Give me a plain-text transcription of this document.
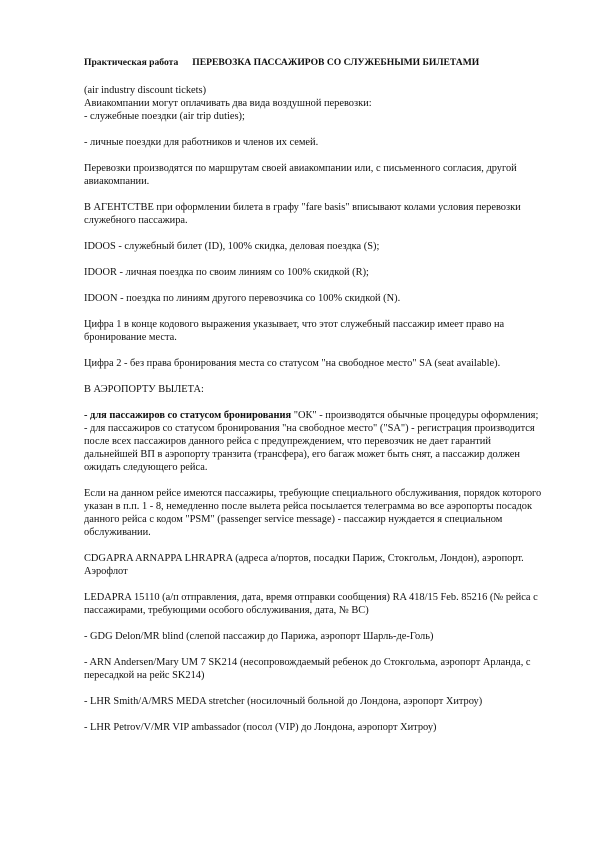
Практическая работа ПЕРЕВОЗКА ПАССАЖИРОВ СО СЛУЖЕБНЫМИ БИЛЕТАМИ

(air industry discount tickets)
Авиакомпании могут оплачивать два вида воздушной перевозки:
- служебные поездки (air trip duties);

- личные поездки для работников и членов их семей.

Перевозки производятся по маршрутам своей авиакомпании или, с письменного согласия, другой авиакомпании.

В АГЕНТСТВЕ при оформлении билета в графу "fare basis" вписывают колами условия перевозки служебного пассажира.

IDOOS - служебный билет (ID), 100% скидка, деловая поездка (S);

IDOOR - личная поездка по своим линиям со 100% скидкой (R);

IDOON - поездка по линиям другого перевозчика со 100% скидкой (N).

Цифра 1 в конце кодового выражения указывает, что этот служебный пассажир имеет право на бронирование места.

Цифра 2 - без права бронирования места со статусом "на свободное место" SA (seat available).

В АЭРОПОРТУ ВЫЛЕТА:

- для пассажиров со статусом бронирования "ОК" - производятся обычные процедуры оформления;
- для пассажиров со статусом бронирования "на свободное место" ("SA") - регистрация производится после всех пассажиров данного рейса с предупреждением, что перевозчик не дает гарантий дальнейшей ВП в аэропорту транзита (трансфера), его багаж может быть снят, а пассажир должен ожидать следующего рейса.

Если на данном рейсе имеются пассажиры, требующие специального обслуживания, порядок которого указан в п.п. 1 - 8, немедленно после вылета рейса посылается телеграмма во все аэропорты посадок данного рейса с кодом "PSM" (passenger service message) - пассажир нуждается я специальном обслуживании.

CDGAPRA ARNAPPA LHRAPRA (адреса а/портов, посадки Париж, Стокгольм, Лондон), аэропорт. Аэрофлот

LEDAPRA 15110 (а/п отправления, дата, время отправки сообщения) RA 418/15 Feb. 85216 (№ рейса с пассажирами, требующими особого обслуживания, дата, № ВС)

- GDG Delon/MR blind (слепой пассажир до Парижа, аэропорт Шарль-де-Голь)

- ARN Andersen/Mary UM 7 SK214 (несопровождаемый ребенок до Стокгольма, аэропорт Арланда, с пересадкой на рейс SK214)

- LHR Smith/A/MRS MEDA stretcher (носилочный больной до Лондона, аэропорт Хитроу)

- LHR Petrov/V/MR VIP ambassador (посол (VIP) до Лондона, аэропорт Хитроу)
